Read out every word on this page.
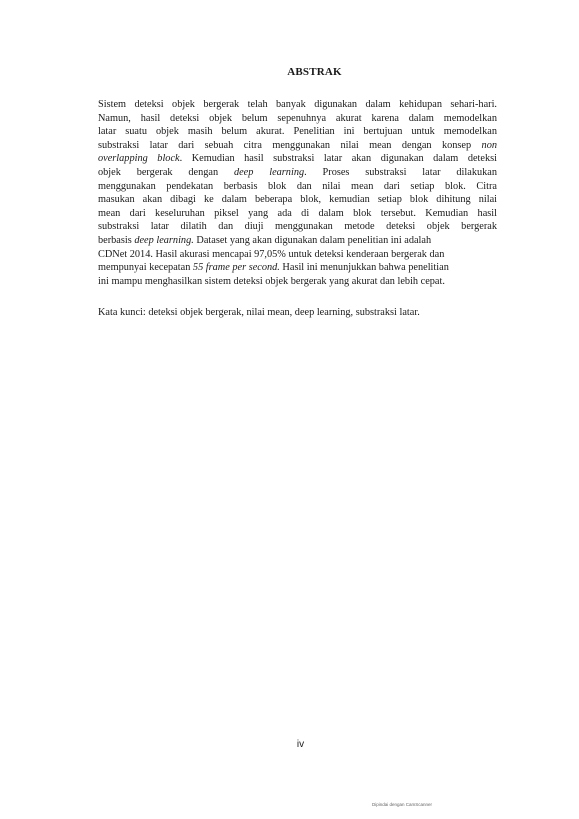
ABSTRAK
Sistem deteksi objek bergerak telah banyak digunakan dalam kehidupan sehari-hari.
Namun, hasil deteksi objek belum sepenuhnya akurat karena dalam memodelkan
latar suatu objek masih belum akurat. Penelitian ini bertujuan untuk memodelkan
substraksi latar dari sebuah citra menggunakan nilai mean dengan konsep non
overlapping block. Kemudian hasil substraksi latar akan digunakan dalam deteksi
objek bergerak dengan deep learning. Proses substraksi latar dilakukan
menggunakan pendekatan berbasis blok dan nilai mean dari setiap blok. Citra
masukan akan dibagi ke dalam beberapa blok, kemudian setiap blok dihitung nilai
mean dari keseluruhan piksel yang ada di dalam blok tersebut. Kemudian hasil
substraksi latar dilatih dan diuji menggunakan metode deteksi objek bergerak
berbasis deep learning. Dataset yang akan digunakan dalam penelitian ini adalah
CDNet 2014. Hasil akurasi mencapai 97,05% untuk deteksi kenderaan bergerak dan
mempunyai kecepatan 55 frame per second. Hasil ini menunjukkan bahwa penelitian
ini mampu menghasilkan sistem deteksi objek bergerak yang akurat dan lebih cepat.
Kata kunci: deteksi objek bergerak, nilai mean, deep learning, substraksi latar.
iv
Dipindai dengan CamScanner
